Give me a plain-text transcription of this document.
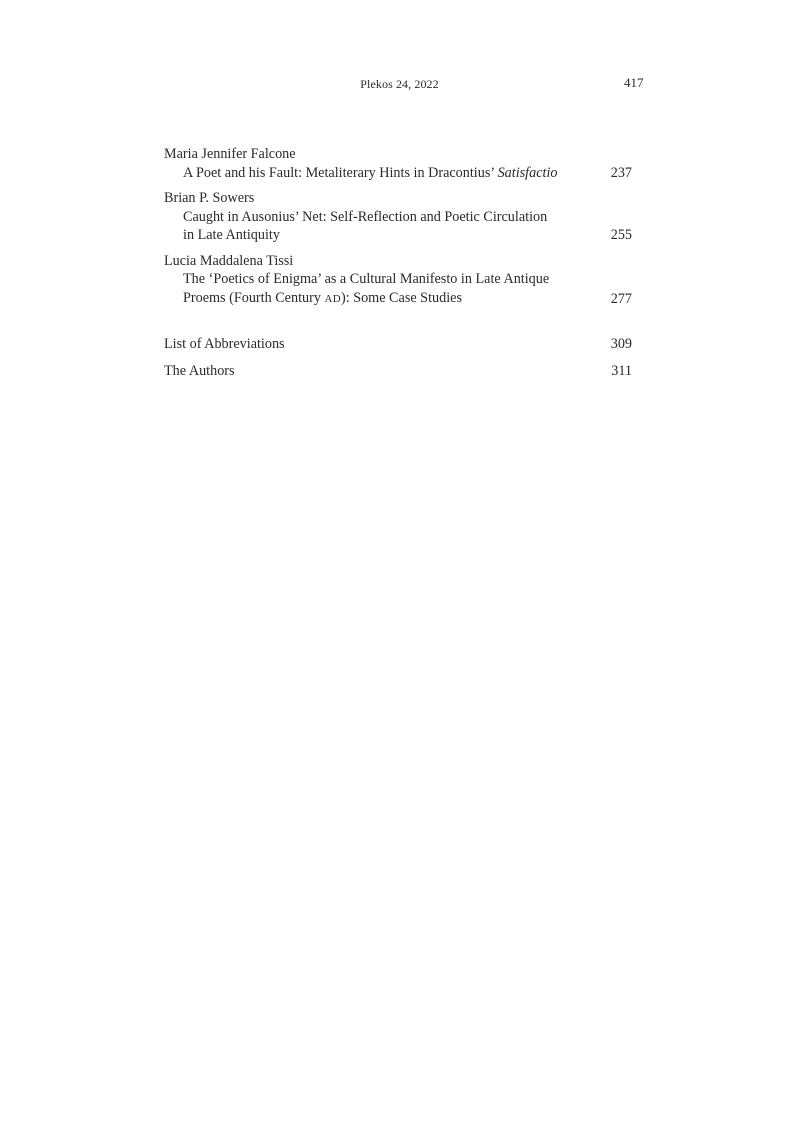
Plekos 24, 2022	417
Maria Jennifer Falcone
A Poet and his Fault: Metaliterary Hints in Dracontius’ Satisfactio	237
Brian P. Sowers
Caught in Ausonius’ Net: Self-Reflection and Poetic Circulation
in Late Antiquity	255
Lucia Maddalena Tissi
The ‘Poetics of Enigma’ as a Cultural Manifesto in Late Antique
Proems (Fourth Century AD): Some Case Studies	277
List of Abbreviations	309
The Authors	311
